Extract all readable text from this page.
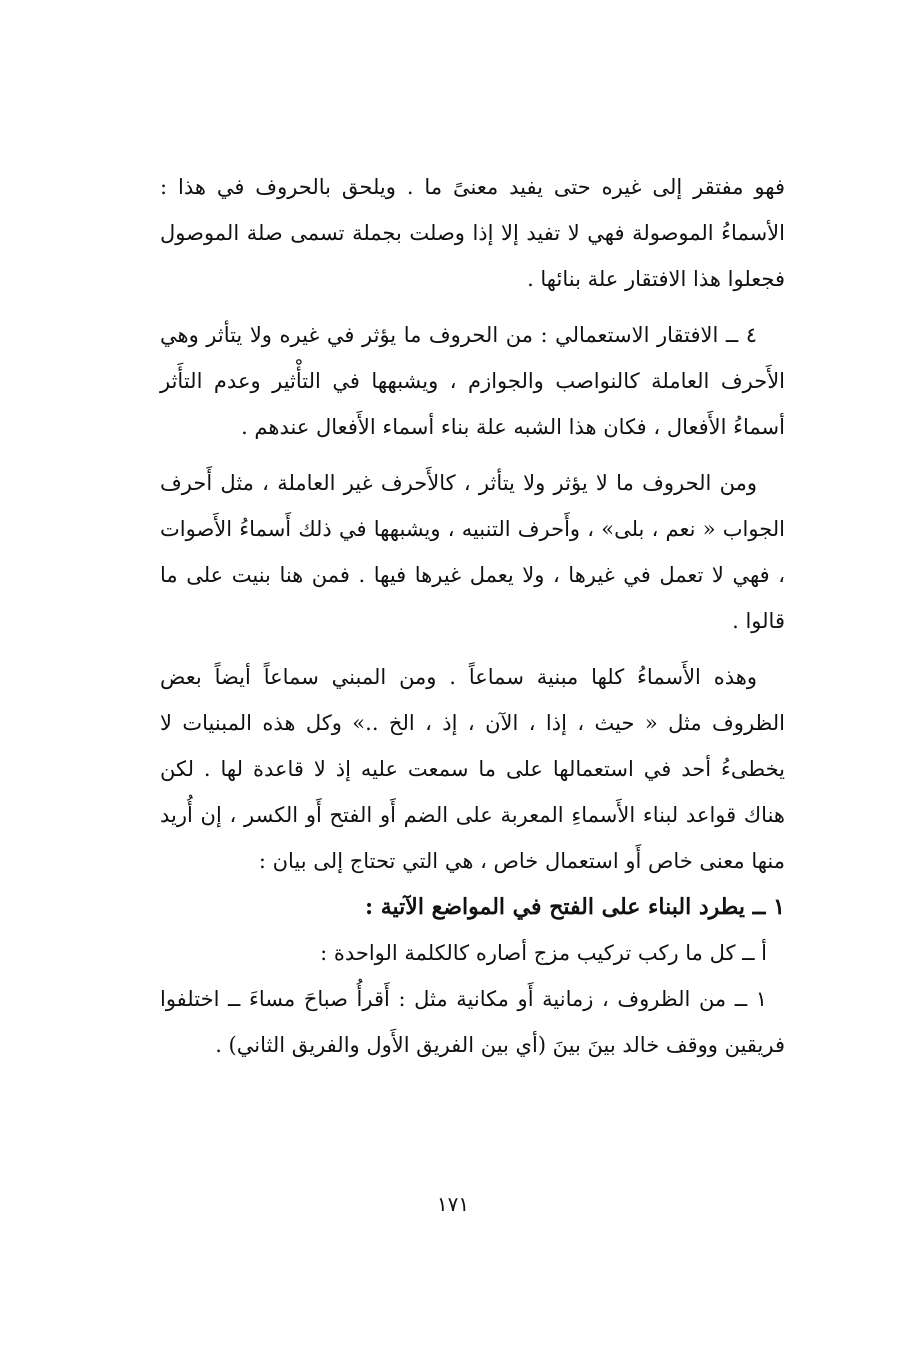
فهو مفتقر إلى غيره حتى يفيد معنىً ما . ويلحق بالحروف في هذا : الأسماءُ الموصولة فهي لا تفيد إلا إذا وصلت بجملة تسمى صلة الموصول فجعلوا هذا الافتقار علة بنائها .

٤ ــ الافتقار الاستعمالي : من الحروف ما يؤثر في غيره ولا يتأثر وهي الأَحرف العاملة كالنواصب والجوازم ، ويشبهها في التأْثير وعدم التأَثر أسماءُ الأَفعال ، فكان هذا الشبه علة بناء أسماء الأَفعال عندهم .

ومن الحروف ما لا يؤثر ولا يتأثر ، كالأَحرف غير العاملة ، مثل أَحرف الجواب « نعم ، بلى» ، وأَحرف التنبيه ، ويشبهها في ذلك أَسماءُ الأَصوات ، فهي لا تعمل في غيرها ، ولا يعمل غيرها فيها . فمن هنا بنيت على ما قالوا .

وهذه الأَسماءُ كلها مبنية سماعاً . ومن المبني سماعاً أيضاً بعض الظروف مثل « حيث ، إذا ، الآن ، إذ ، الخ ..» وكل هذه المبنيات لا يخطىءُ أحد في استعمالها على ما سمعت عليه إذ لا قاعدة لها . لكن هناك قواعد لبناء الأَسماءِ المعربة على الضم أَو الفتح أَو الكسر ، إن أُريد منها معنى خاص أَو استعمال خاص ، هي التي تحتاج إلى بيان :

١ ــ يطرد البناء على الفتح في المواضع الآتية :

أ ــ كل ما ركب تركيب مزج أصاره كالكلمة الواحدة :

١ ــ من الظروف ، زمانية أَو مكانية مثل : أَقرأُ صباحَ مساءَ ــ اختلفوا فريقين ووقف خالد بينَ بينَ (أي بين الفريق الأَول والفريق الثاني) .

١٧١
